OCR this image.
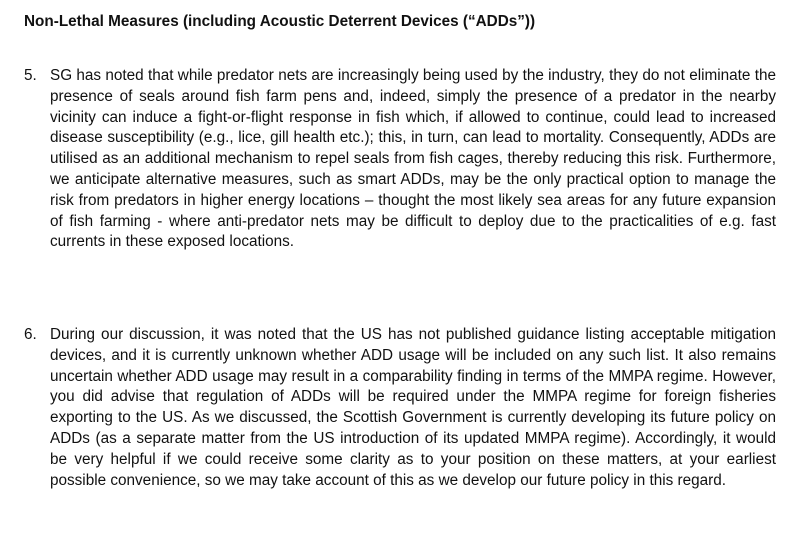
Non-Lethal Measures (including Acoustic Deterrent Devices (“ADDs”))
5. SG has noted that while predator nets are increasingly being used by the industry, they do not eliminate the presence of seals around fish farm pens and, indeed, simply the presence of a predator in the nearby vicinity can induce a fight-or-flight response in fish which, if allowed to continue, could lead to increased disease susceptibility (e.g., lice, gill health etc.); this, in turn, can lead to mortality. Consequently, ADDs are utilised as an additional mechanism to repel seals from fish cages, thereby reducing this risk. Furthermore, we anticipate alternative measures, such as smart ADDs, may be the only practical option to manage the risk from predators in higher energy locations – thought the most likely sea areas for any future expansion of fish farming - where anti-predator nets may be difficult to deploy due to the practicalities of e.g. fast currents in these exposed locations.
6. During our discussion, it was noted that the US has not published guidance listing acceptable mitigation devices, and it is currently unknown whether ADD usage will be included on any such list. It also remains uncertain whether ADD usage may result in a comparability finding in terms of the MMPA regime. However, you did advise that regulation of ADDs will be required under the MMPA regime for foreign fisheries exporting to the US. As we discussed, the Scottish Government is currently developing its future policy on ADDs (as a separate matter from the US introduction of its updated MMPA regime). Accordingly, it would be very helpful if we could receive some clarity as to your position on these matters, at your earliest possible convenience, so we may take account of this as we develop our future policy in this regard.
